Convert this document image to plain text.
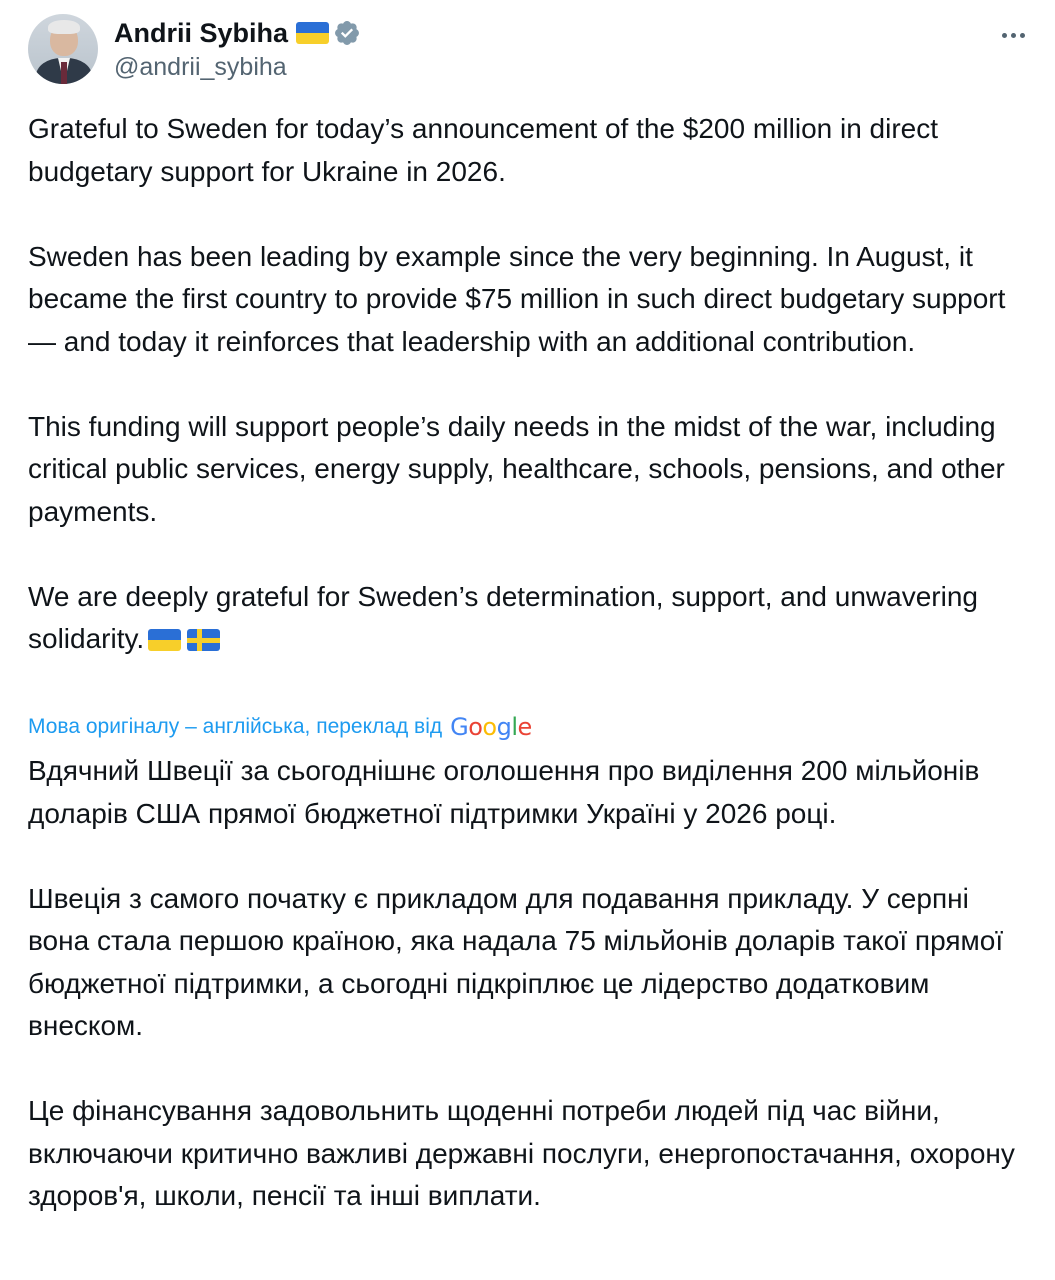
Andrii Sybiha
@andrii_sybiha
Grateful to Sweden for today’s announcement of the $200 million in direct budgetary support for Ukraine in 2026.

Sweden has been leading by example since the very beginning. In August, it became the first country to provide $75 million in such direct budgetary support— and today it reinforces that leadership with an additional contribution.

This funding will support people’s daily needs in the midst of the war, including critical public services, energy supply, healthcare, schools, pensions, and other payments.

We are deeply grateful for Sweden’s determination, support, and unwavering solidarity.
Мова оригіналу – англійська, переклад від Google
Вдячний Швеції за сьогоднішнє оголошення про виділення 200 мільйонів доларів США прямої бюджетної підтримки Україні у 2026 році.

Швеція з самого початку є прикладом для подавання прикладу. У серпні вона стала першою країною, яка надала 75 мільйонів доларів такої прямої бюджетної підтримки, а сьогодні підкріплює це лідерство додатковим внеском.

Це фінансування задовольнить щоденні потреби людей під час війни, включаючи критично важливі державні послуги, енергопостачання, охорону здоров'я, школи, пенсії та інші виплати.
